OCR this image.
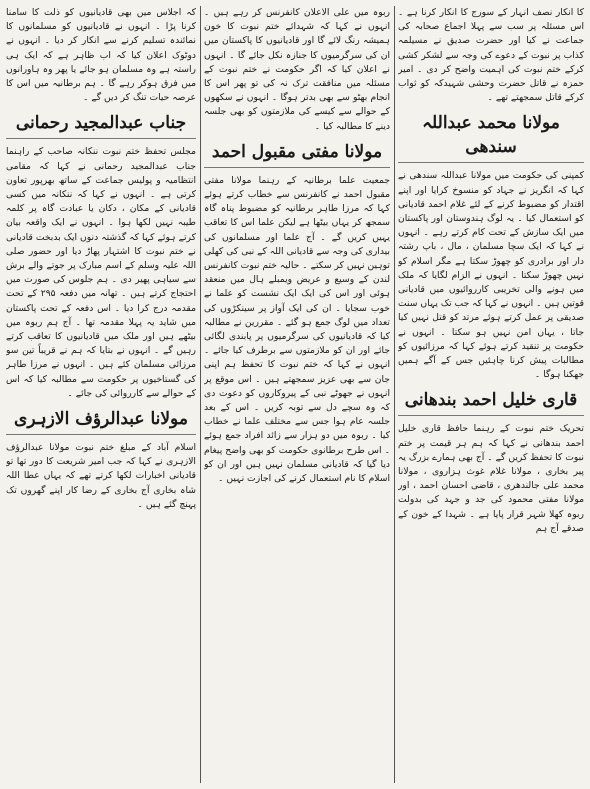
کا انکار نصف انہار کے سورج کا انکار کرنا ہے ۔ اس مسئلہ پر سب سے پہلا اجماع صحابہ کی جماعت نے کیا اور حضرت صدیق نے مسیلمہ کذاب پر نبوت کے دعوے کی وجہ سے لشکر کشی کرکے ختم نبوت کی اہمیت واضح کر دی ۔ امیر حمزہ نے قاتل حضرت وحشی شہیدکہ کو ثواب کرکے قاتل سمجھتے تھے ۔

مولانا محمد عبداللہ سندھی

کمپنی کی حکومت میں مولانا عبداللہ سندھی نے کہا کہ انگریز نے جہاد کو منسوخ کرایا اور اپنے اقتدار کو مضبوط کرنے کے لئے غلام احمد قادیانی کو استعمال کیا ۔ یہ لوگ ہندوستان اور پاکستان میں ایک سازش کے تحت کام کرتے رہے ۔ انہوں نے کہا کہ ایک سچا مسلمان ، مال ، باپ رشتہ دار اور برادری کو چھوڑ سکتا ہے مگر اسلام کو نہیں چھوڑ سکتا ۔ انہوں نے الزام لگایا کہ ملک میں ہونے والی تخریبی کارروائیوں میں قادیانی قوتیں ہیں ۔ انہوں نے کہا کہ جب تک یہاں سنت صدیقی پر عمل کرتے ہوئے مرتد کو قتل نہیں کیا جاتا ، یہاں امن نہیں ہو سکتا ۔ انہوں نے حکومت پر تنقید کرتے ہوئے کہا کہ مرزائیوں کو مطالبات پیش کرنا چاہئیں جس کے آگے ہمیں جھکنا ہوگا ۔

قاری خلیل احمد بندھانی

تحریک ختم نبوت کے رہنما حافظ قاری خلیل احمد بندھانی نے کہا کہ ہم ہر قیمت پر ختم نبوت کا تحفظ کریں گے ۔ آج بھی ہمارے بزرگ یہ پیر بخاری ، مولانا غلام غوث ہزاروی ، مولانا محمد علی جالندھری ، قاضی احسان احمد ، اور مولانا مفتی محمود کی جد و جہد کی بدولت ربوہ کھلا شہر قرار پایا ہے ۔ شہدا کے خون کے صدقے آج ہم

ربوہ میں علی الاعلان کانفرنس کر رہے ہیں ۔ انہوں نے کہا کہ شہدائے ختم نبوت کا خون ہمیشہ رنگ لائے گا اور قادیانیوں کا پاکستان میں ان کی سرگرمیوں کا جنازہ نکل جائے گا ۔ انہوں نے اعلان کیا کہ اگر حکومت نے ختم نبوت کے مسئلہ میں منافقت ترک نہ کی تو پھر اس کا انجام بھٹو سے بھی بدتر ہوگا ۔ انہوں نے سکھوں کے حوالے سے کیسے کی ملازمتوں کو بھی جلسہ دینے کا مطالبہ کیا ۔

مولانا مفتی مقبول احمد

جمعیت علما برطانیہ کے رہنما مولانا مفتی مقبول احمد نے کانفرنس سے خطاب کرتے ہوئے کہا کہ مرزا طاہر برطانیہ کو مضبوط پناہ گاہ سمجھ کر یہاں بیٹھا ہے لیکن علما اس کا تعاقب یہیں کریں گے ۔ آج علما اور مسلمانوں کی بیداری کی وجہ سے قادیانی اللہ کے نبی کی کھلی توہین نہیں کر سکتے ۔ حالیہ ختم نبوت کانفرنس لندن کے وسیع و عریض ویمبلے ہال میں منعقد ہوئی اور اس کی ایک ایک نشست کو علما نے خوب سجایا ۔ ان کی ایک آواز پر سینکڑوں کی تعداد میں لوگ جمع ہو گئے ۔ مقررین نے مطالبہ کیا کہ قادیانیوں کی سرگرمیوں پر پابندی لگائی جائے اور ان کو ملازمتوں سے برطرف کیا جائے ۔ انہوں نے کہا کہ ختم نبوت کا تحفظ ہم اپنی جان سے بھی عزیز سمجھتے ہیں ۔ اس موقع پر انہوں نے جھوٹے نبی کے پیروکاروں کو دعوت دی کہ وہ سچے دل سے توبہ کریں ۔ اس کے بعد جلسہ عام ہوا جس سے مختلف علما نے خطاب کیا ۔ ربوہ میں دو ہزار سے زائد افراد جمع ہوئے ۔ اس طرح برطانوی حکومت کو بھی واضح پیغام دیا گیا کہ قادیانی مسلمان نہیں ہیں اور ان کو اسلام کا نام استعمال کرنے کی اجازت نہیں ۔

کہ اجلاس میں بھی قادیانیوں کو ذلت کا سامنا کرنا پڑا ۔ انہوں نے قادیانیوں کو مسلمانوں کا نمائندہ تسلیم کرنے سے انکار کر دیا ۔ انہوں نے دوٹوک اعلان کیا کہ اب ظاہر ہے کہ ایک ہی راستہ ہے وہ مسلمان ہو جائے یا پھر وہ ہاورانوں میں فرق ہوکر رہے گا ۔ ہم برطانیہ میں اس کا عرصہ حیات تنگ کر دیں گے ۔

جناب عبدالمجید رحمانی

مجلس تحفظ ختم نبوت ننکانہ صاحب کے راہنما جناب عبدالمجید رحمانی نے کہا کہ مقامی انتظامیہ و پولیس جماعت کے ساتھ بھرپور تعاون کرتی ہے ۔ انہوں نے کہا کہ ننکانہ میں کسی قادیانی کے مکان ، دکان یا عبادت گاہ پر کلمہ طیبہ نہیں لکھا ہوا ۔ انہوں نے ایک واقعہ بیان کرتے ہوئے کہا کہ گذشتہ دنوں ایک بدبخت قادیانی نے ختم نبوت کا اشتہار پھاڑ دیا اور حضور صلی اللہ علیہ وسلم کے اسم مبارک پر جوتے والے برش سے سیاہی پھیر دی ۔ ہم جلوس کی صورت میں احتجاج کرتے ہیں ۔ تھانہ میں دفعہ ۲۹۵ کے تحت مقدمہ درج کرا دیا ۔ اس دفعہ کے تحت پاکستان میں شاید یہ پہلا مقدمہ تھا ۔ آج ہم ربوہ میں بیٹھے ہیں اور ملک میں قادیانیوں کا تعاقب کرتے رہیں گے ۔ انہوں نے بتایا کہ ہم نے قریباً تین سو مرزائی مسلمان کئے ہیں ۔ انہوں نے مرزا طاہر کی گستاخیوں پر حکومت سے مطالبہ کیا کہ اس کے حوالے سے کارروائی کی جائے ۔

مولانا عبدالرؤف الازہری

اسلام آباد کے مبلغ ختم نبوت مولانا عبدالرؤف الازہری نے کہا کہ جب امیر شریعت کا دور تھا تو قادیانی اخبارات لکھا کرتے تھے کہ یہاں عطا اللہ شاہ بخاری آج بخاری کے رضا کار اپنے گھروں تک پہنچ گئے ہیں ۔
